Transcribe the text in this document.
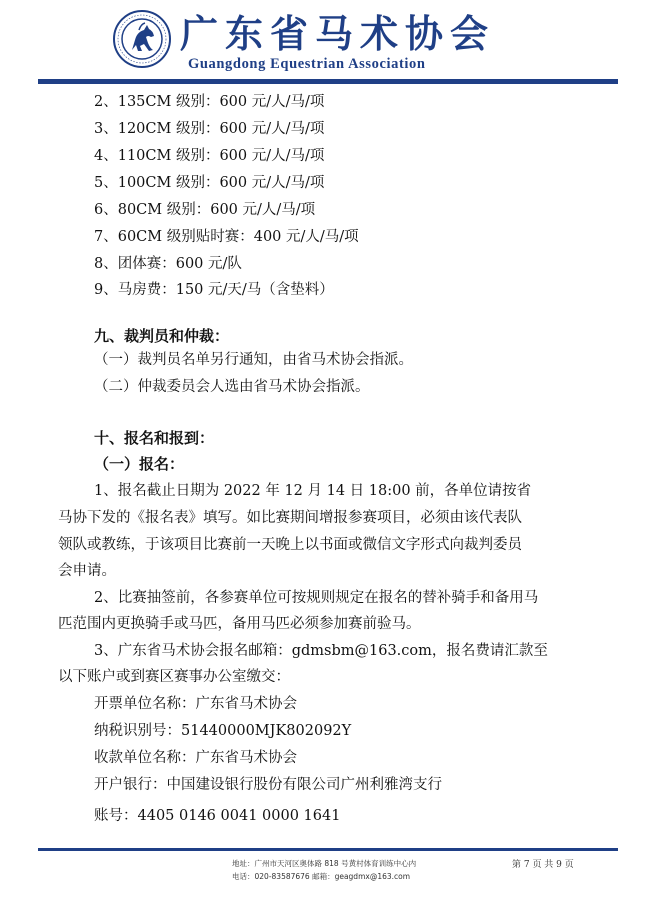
广东省马术协会
Guangdong Equestrian Association
2、135CM 级别：600 元/人/马/项
3、120CM 级别：600 元/人/马/项
4、110CM 级别：600 元/人/马/项
5、100CM 级别：600 元/人/马/项
6、80CM 级别：600 元/人/马/项
7、60CM 级别贴时赛：400 元/人/马/项
8、团体赛：600 元/队
9、马房费：150 元/天/马（含垫料）
九、裁判员和仲裁：
（一）裁判员名单另行通知，由省马术协会指派。
（二）仲裁委员会人选由省马术协会指派。
十、报名和报到：
（一）报名：
1、报名截止日期为 2022 年 12 月 14 日 18:00 前，各单位请按省
马协下发的《报名表》填写。如比赛期间增报参赛项目，必须由该代表队
领队或教练，于该项目比赛前一天晚上以书面或微信文字形式向裁判委员
会申请。
2、比赛抽签前，各参赛单位可按规则规定在报名的替补骑手和备用马
匹范围内更换骑手或马匹，备用马匹必须参加赛前验马。
3、广东省马术协会报名邮箱：gdmsbm@163.com，报名费请汇款至
以下账户或到赛区赛事办公室缴交：
开票单位名称：广东省马术协会
纳税识别号：51440000MJK802092Y
收款单位名称：广东省马术协会
开户银行：中国建设银行股份有限公司广州利雅湾支行
账号：4405 0146 0041 0000 1641
地址：广州市天河区奥体路 818 号黄村体育训练中心内
电话：020-83587676 邮箱：geagdmx@163.com
第 7 页 共 9 页
